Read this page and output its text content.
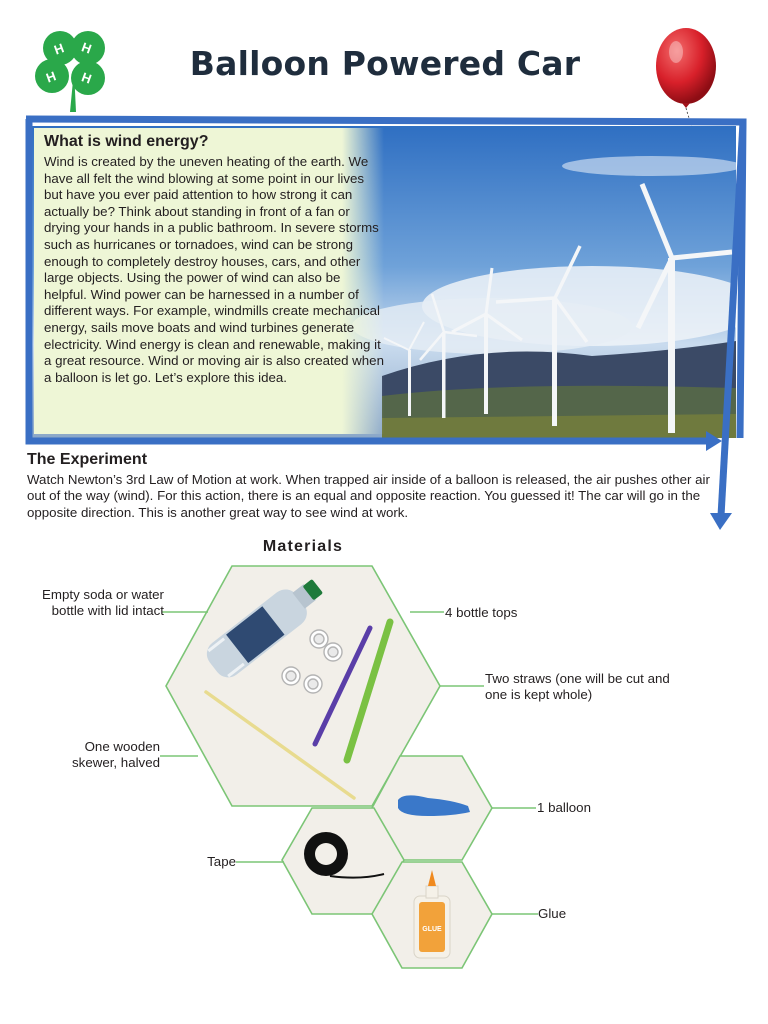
H H
H H	Balloon Powered Car
What is wind energy?
Wind is created by the uneven heating of the earth. We have all felt the wind blowing at some point in our lives but have you ever paid attention to how strong it can actually be? Think about standing in front of a fan or drying your hands in a public bathroom. In severe storms such as hurricanes or tornadoes, wind can be strong enough to completely destroy houses, cars, and other large objects. Using the power of wind can also be helpful. Wind power can be harnessed in a number of different ways. For example, windmills create mechanical energy, sails move boats and wind turbines generate electricity. Wind energy is clean and renewable, making it a great resource. Wind or moving air is also created when a balloon is let go. Let’s explore this idea.
The Experiment
Watch Newton’s 3rd Law of Motion at work. When trapped air inside of a balloon is released, the air pushes other air out of the way (wind). For this action, there is an equal and opposite reaction. You guessed it! The car will go in the opposite direction. This is another great way to see wind at work.
Materials
GLUE
Empty soda or water bottle with lid intact	4 bottle tops
Two straws (one will be cut and one is kept whole)
One wooden skewer, halved
1 balloon
Tape
Glue
